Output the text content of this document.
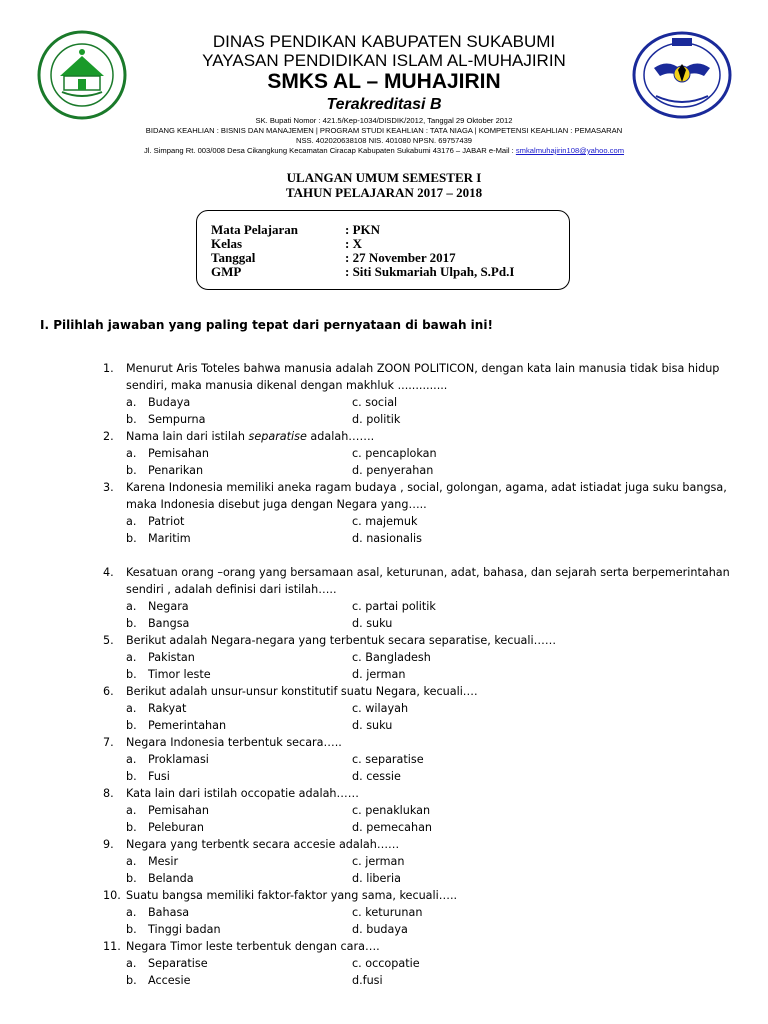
DINAS PENDIKAN KABUPATEN SUKABUMI
YAYASAN PENDIDIKAN ISLAM AL-MUHAJIRIN
SMKS AL – MUHAJIRIN
Terakreditasi B
SK. Bupati Nomor : 421.5/Kep-1034/DISDIK/2012, Tanggal 29 Oktober 2012
BIDANG KEAHLIAN : BISNIS DAN MANAJEMEN | PROGRAM STUDI KEAHLIAN : TATA NIAGA | KOMPETENSI KEAHLIAN : PEMASARAN
NSS. 402020638108 NIS. 401080 NPSN. 69757439
Jl. Simpang Rt. 003/008 Desa Cikangkung Kecamatan Ciracap Kabupaten Sukabumi 43176 – JABAR e-Mail : smkalmuhajirin108@yahoo.com
ULANGAN UMUM SEMESTER I
TAHUN PELAJARAN 2017 – 2018
Mata Pelajaran	: PKN
Kelas	: X
Tanggal	: 27 November 2017
GMP	: Siti Sukmariah Ulpah, S.Pd.I
I. Pilihlah jawaban yang paling tepat dari pernyataan di bawah ini!
1. Menurut Aris Toteles bahwa manusia adalah ZOON POLITICON, dengan kata lain manusia tidak bisa hidup
sendiri, maka manusia dikenal dengan makhluk ..............
a. Budaya	c. social
b. Sempurna	d. politik
2. Nama lain dari istilah separatise adalah…….
a. Pemisahan	c. pencaplokan
b. Penarikan	d. penyerahan
3. Karena Indonesia memiliki aneka ragam budaya , social, golongan, agama, adat istiadat juga suku bangsa,
maka Indonesia disebut juga dengan Negara yang…..
a. Patriot	c. majemuk
b. Maritim	d. nasionalis
4. Kesatuan orang –orang yang bersamaan asal, keturunan, adat, bahasa, dan sejarah serta berpemerintahan
sendiri , adalah definisi dari istilah…..
a. Negara	c. partai politik
b. Bangsa	d. suku
5. Berikut adalah Negara-negara yang terbentuk secara separatise, kecuali……
a. Pakistan	c. Bangladesh
b. Timor leste	d. jerman
6. Berikut adalah unsur-unsur konstitutif suatu Negara, kecuali….
a. Rakyat	c. wilayah
b. Pemerintahan	d. suku
7. Negara Indonesia terbentuk secara…..
a. Proklamasi	c. separatise
b. Fusi	d. cessie
8. Kata lain dari istilah occopatie adalah……
a. Pemisahan	c. penaklukan
b. Peleburan	d. pemecahan
9. Negara yang terbentk secara accesie adalah……
a. Mesir	c. jerman
b. Belanda	d. liberia
10. Suatu bangsa memiliki faktor-faktor yang sama, kecuali…..
a. Bahasa	c. keturunan
b. Tinggi badan	d. budaya
11. Negara Timor leste terbentuk dengan cara….
a. Separatise	c. occopatie
b. Accesie	d.fusi
